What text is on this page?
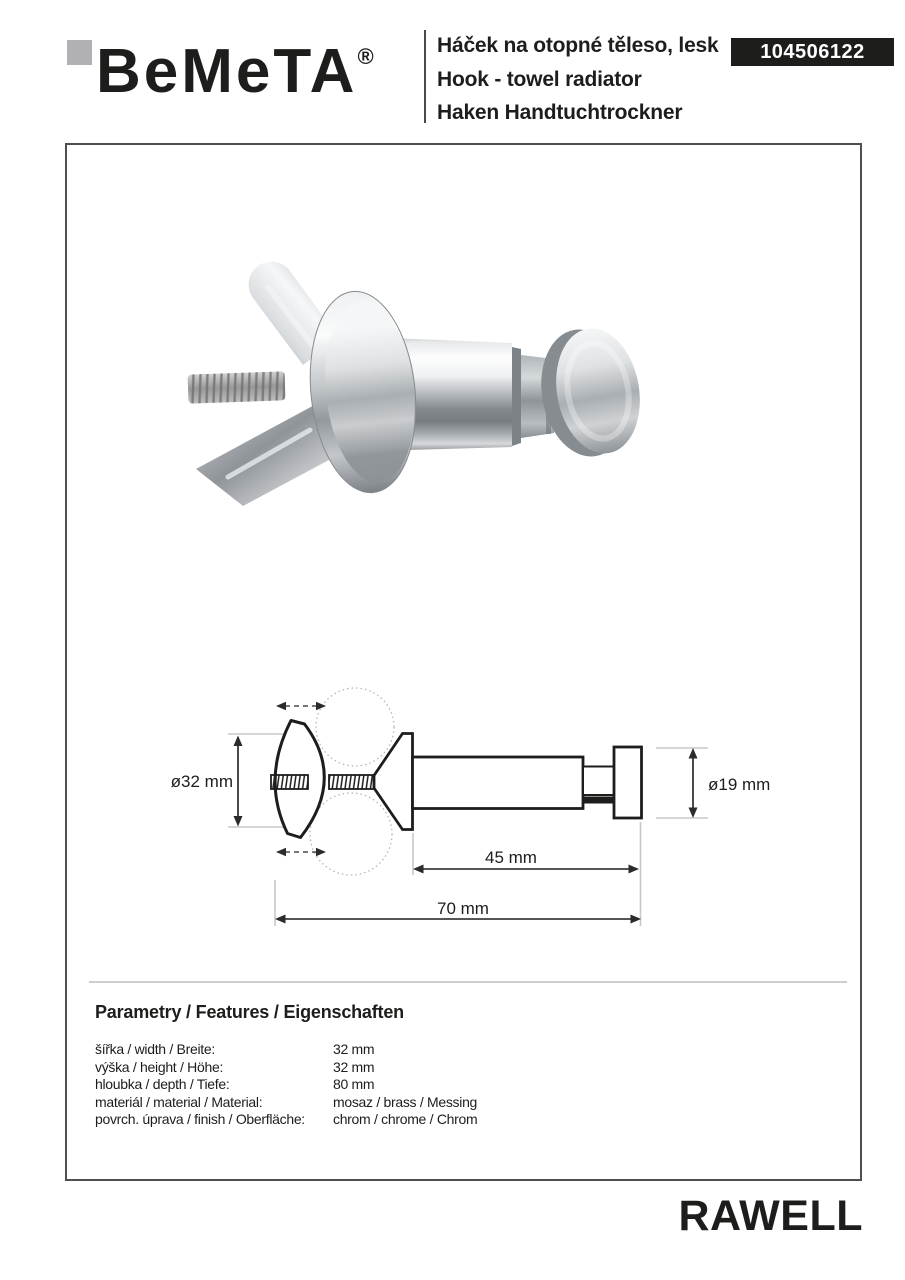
BeMeTA®	Háček na otopné těleso, lesk
Hook - towel radiator
Haken Handtuchtrockner
104506122
ø32 mm	ø19 mm
45 mm
70 mm
Parametry / Features / Eigenschaften
šířka / width / Breite:	32 mm
výška / height / Höhe:	32 mm
hloubka / depth / Tiefe:	80 mm
materiál / material / Material:	mosaz / brass / Messing
povrch. úprava / finish / Oberfläche:	chrom / chrome / Chrom
RAWELL
